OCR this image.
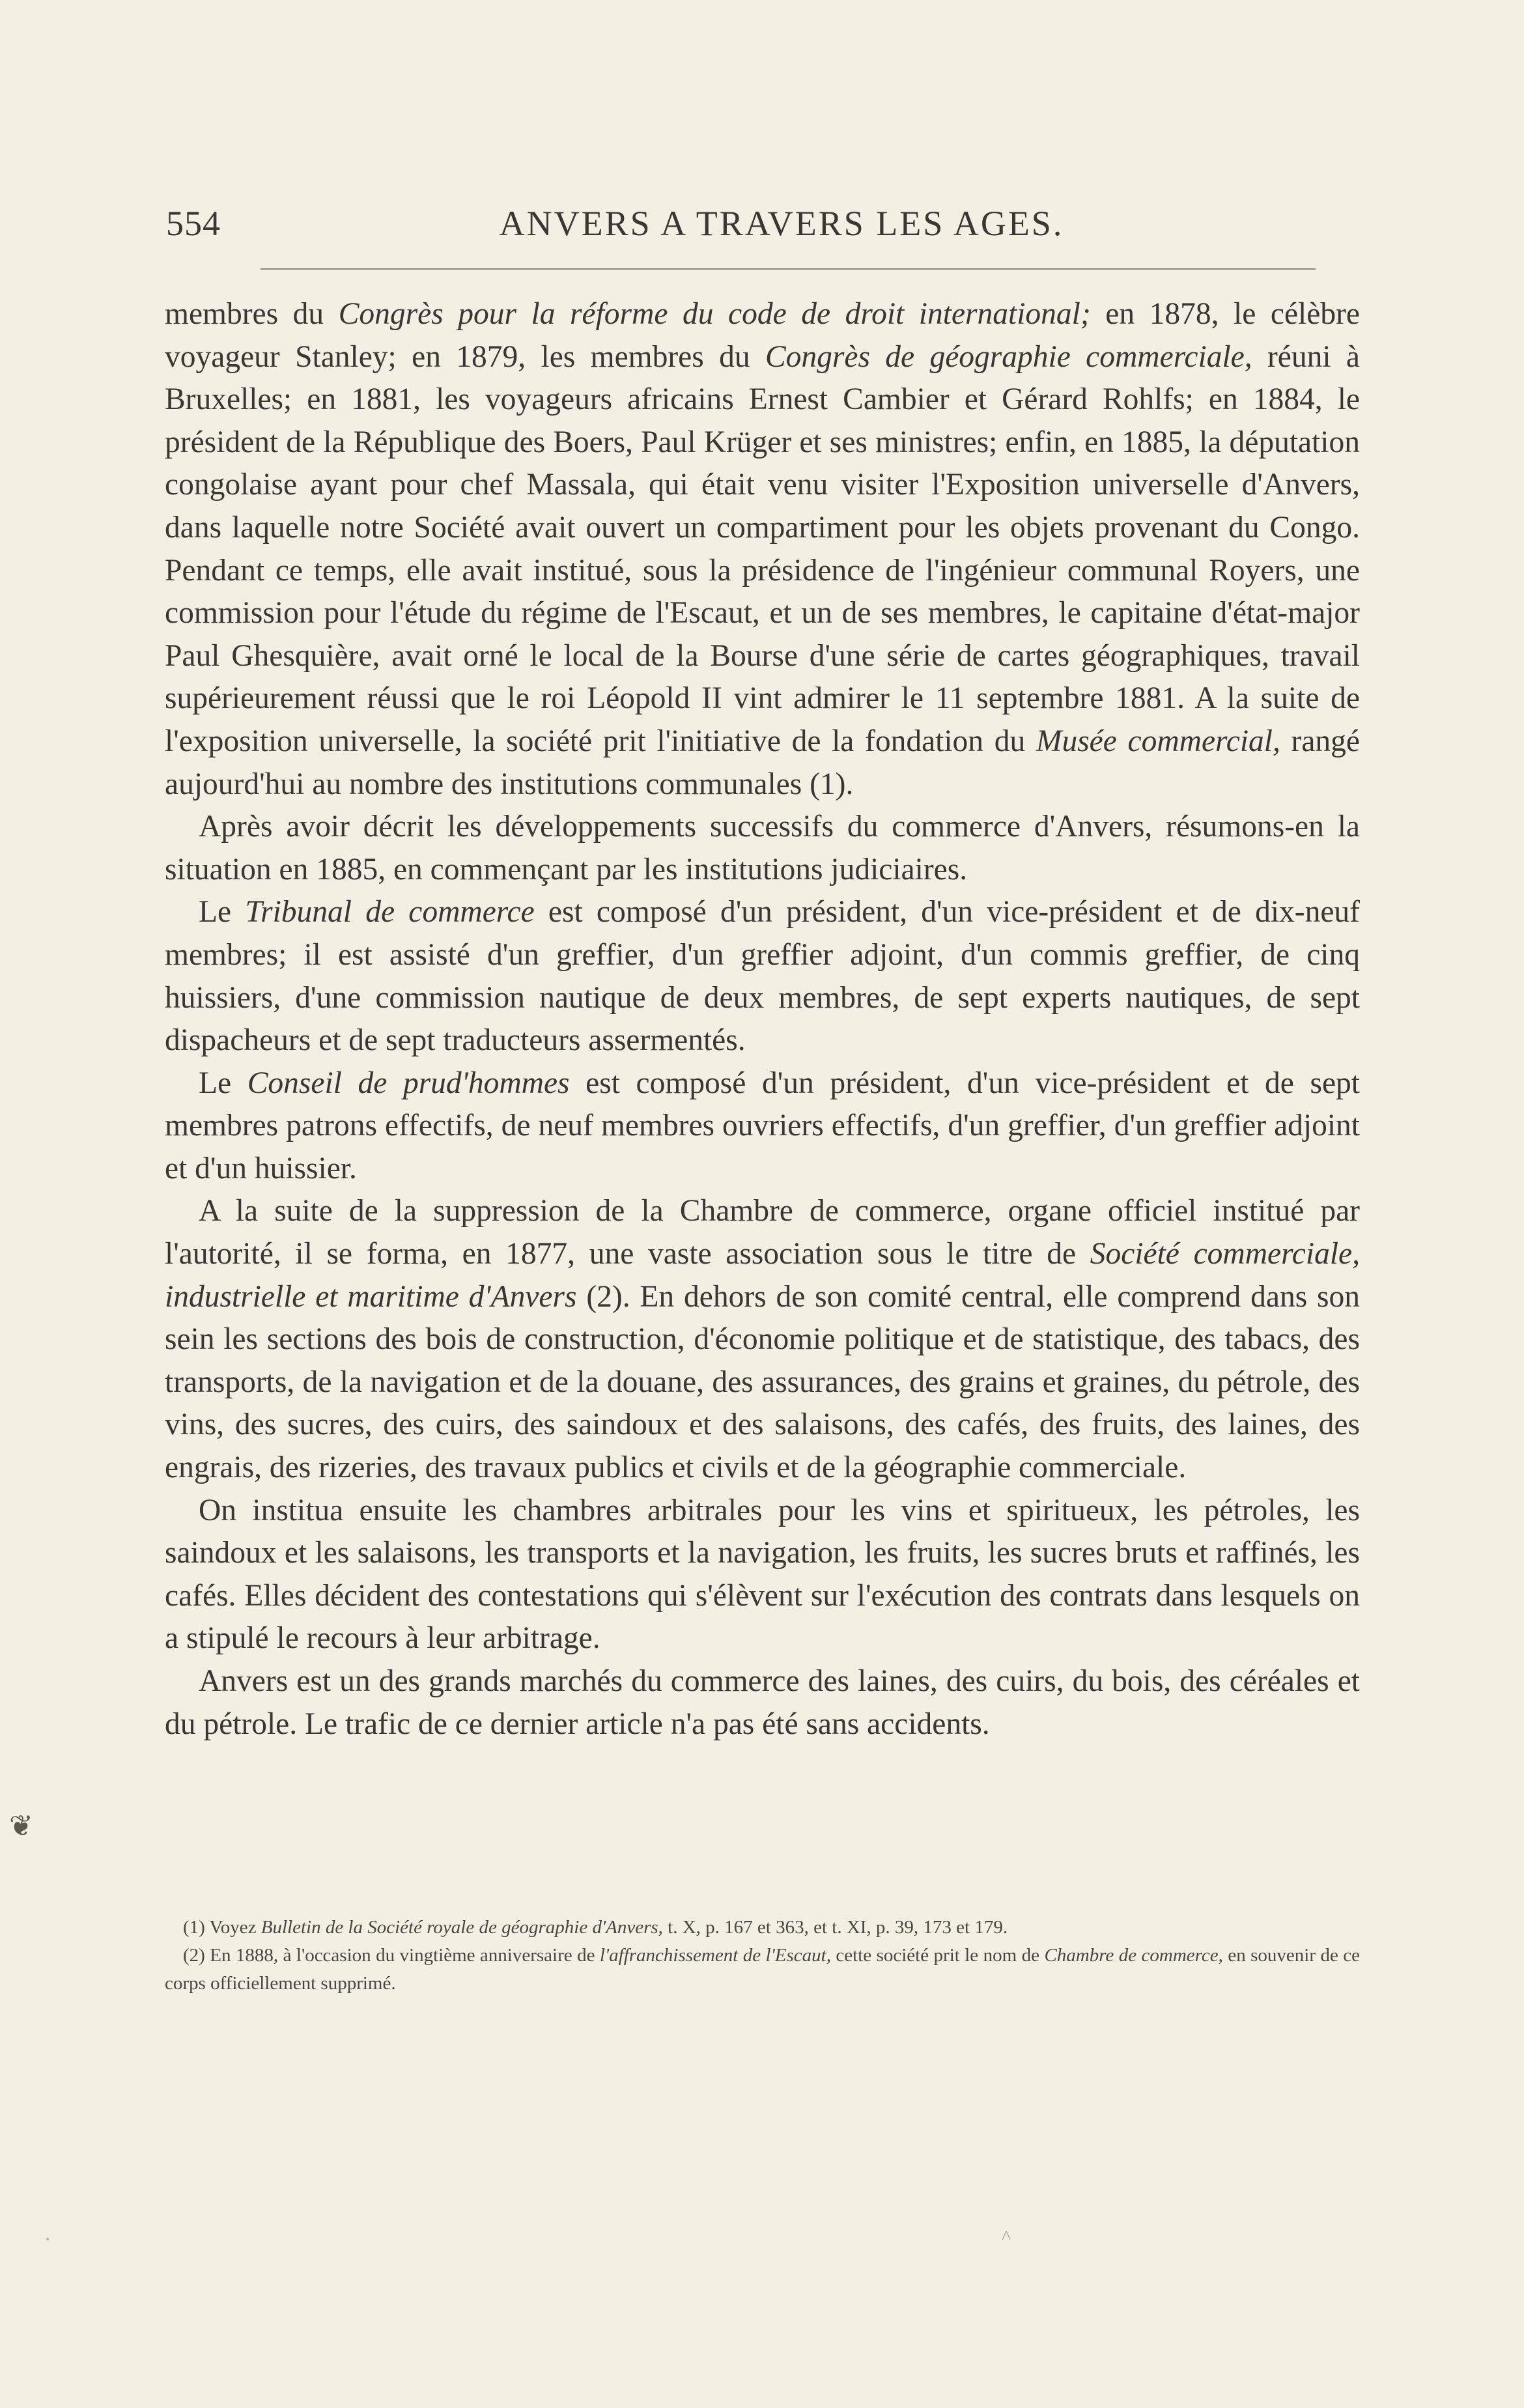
554	ANVERS A TRAVERS LES AGES.

membres du Congrès pour la réforme du code de droit international; en 1878, le célèbre voyageur Stanley; en 1879, les membres du Congrès de géographie commerciale, réuni à Bruxelles; en 1881, les voyageurs africains Ernest Cambier et Gérard Rohlfs; en 1884, le président de la République des Boers, Paul Krüger et ses ministres; enfin, en 1885, la députation congolaise ayant pour chef Massala, qui était venu visiter l'Exposition universelle d'Anvers, dans laquelle notre Société avait ouvert un compartiment pour les objets provenant du Congo. Pendant ce temps, elle avait institué, sous la présidence de l'ingénieur communal Royers, une commission pour l'étude du régime de l'Escaut, et un de ses membres, le capitaine d'état-major Paul Ghesquière, avait orné le local de la Bourse d'une série de cartes géographiques, travail supérieurement réussi que le roi Léopold II vint admirer le 11 septembre 1881. A la suite de l'exposition universelle, la société prit l'initiative de la fondation du Musée commercial, rangé aujourd'hui au nombre des institutions communales (1).

Après avoir décrit les développements successifs du commerce d'Anvers, résumons-en la situation en 1885, en commençant par les institutions judiciaires.

Le Tribunal de commerce est composé d'un président, d'un vice-président et de dix-neuf membres; il est assisté d'un greffier, d'un greffier adjoint, d'un commis greffier, de cinq huissiers, d'une commission nautique de deux membres, de sept experts nautiques, de sept dispacheurs et de sept traducteurs assermentés.

Le Conseil de prud'hommes est composé d'un président, d'un vice-président et de sept membres patrons effectifs, de neuf membres ouvriers effectifs, d'un greffier, d'un greffier adjoint et d'un huissier.

A la suite de la suppression de la Chambre de commerce, organe officiel institué par l'autorité, il se forma, en 1877, une vaste association sous le titre de Société commerciale, industrielle et maritime d'Anvers (2). En dehors de son comité central, elle comprend dans son sein les sections des bois de construction, d'économie politique et de statistique, des tabacs, des transports, de la navigation et de la douane, des assurances, des grains et graines, du pétrole, des vins, des sucres, des cuirs, des saindoux et des salaisons, des cafés, des fruits, des laines, des engrais, des rizeries, des travaux publics et civils et de la géographie commerciale.

On institua ensuite les chambres arbitrales pour les vins et spiritueux, les pétroles, les saindoux et les salaisons, les transports et la navigation, les fruits, les sucres bruts et raffinés, les cafés. Elles décident des contestations qui s'élèvent sur l'exécution des contrats dans lesquels on a stipulé le recours à leur arbitrage.

Anvers est un des grands marchés du commerce des laines, des cuirs, du bois, des céréales et du pétrole. Le trafic de ce dernier article n'a pas été sans accidents.

(1) Voyez Bulletin de la Société royale de géographie d'Anvers, t. X, p. 167 et 363, et t. XI, p. 39, 173 et 179.

(2) En 1888, à l'occasion du vingtième anniversaire de l'affranchissement de l'Escaut, cette société prit le nom de Chambre de commerce, en souvenir de ce corps officiellement supprimé.

❦
^
•
